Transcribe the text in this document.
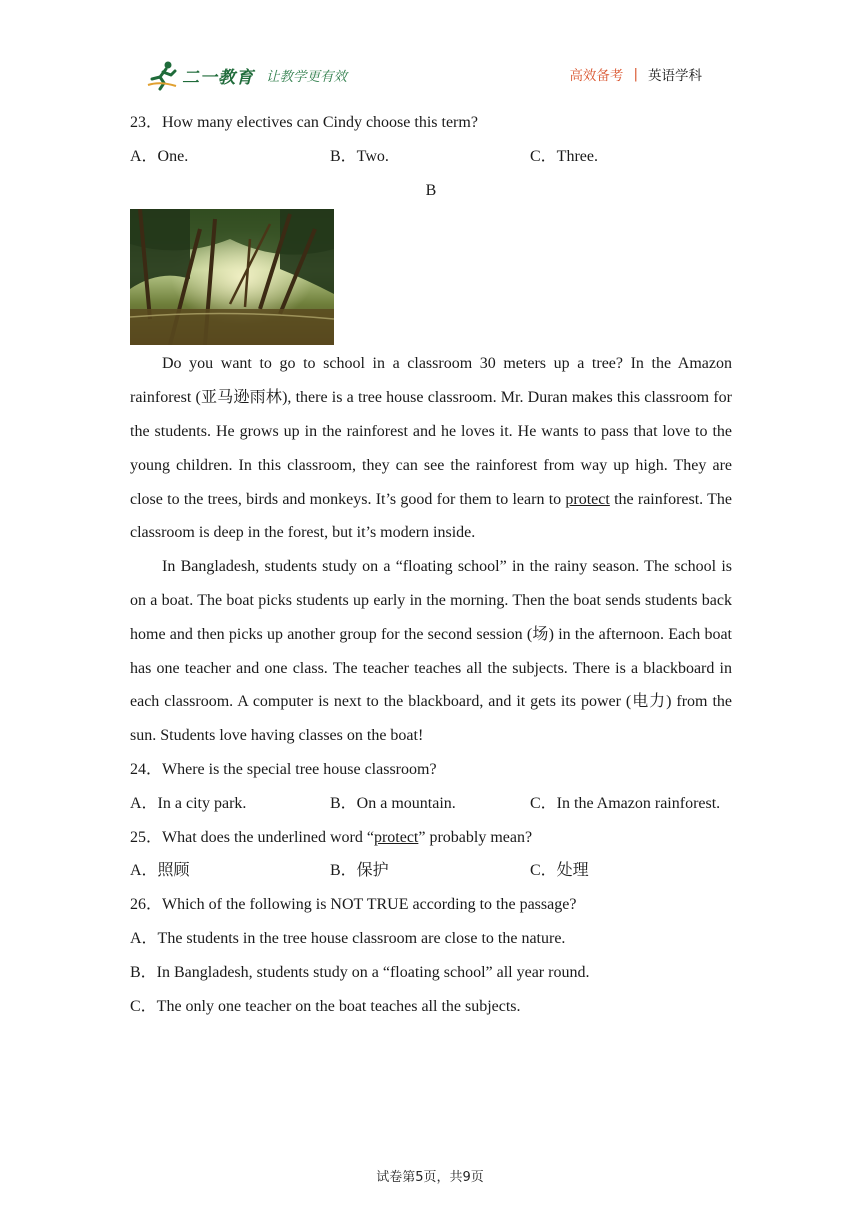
二一教育 让教学更有效	高效备考 | 英语学科
23．How many electives can Cindy choose this term?
A．One.	B．Two.	C．Three.
B

Do you want to go to school in a classroom 30 meters up a tree? In the Amazon rainforest (亚马逊雨林), there is a tree house classroom. Mr. Duran makes this classroom for the students. He grows up in the rainforest and he loves it. He wants to pass that love to the young children. In this classroom, they can see the rainforest from way up high. They are close to the trees, birds and monkeys. It’s good for them to learn to protect the rainforest. The classroom is deep in the forest, but it’s modern inside.

In Bangladesh, students study on a “floating school” in the rainy season. The school is on a boat. The boat picks students up early in the morning. Then the boat sends students back home and then picks up another group for the second session (场) in the afternoon. Each boat has one teacher and one class. The teacher teaches all the subjects. There is a blackboard in each classroom. A computer is next to the blackboard, and it gets its power (电力) from the sun. Students love having classes on the boat!

24．Where is the special tree house classroom?
A．In a city park.	B．On a mountain.	C．In the Amazon rainforest.
25．What does the underlined word “protect” probably mean?
A．照顾	B．保护	C．处理
26．Which of the following is NOT TRUE according to the passage?
A．The students in the tree house classroom are close to the nature.
B．In Bangladesh, students study on a “floating school” all year round.
C．The only one teacher on the boat teaches all the subjects.
试卷第5页，共9页
